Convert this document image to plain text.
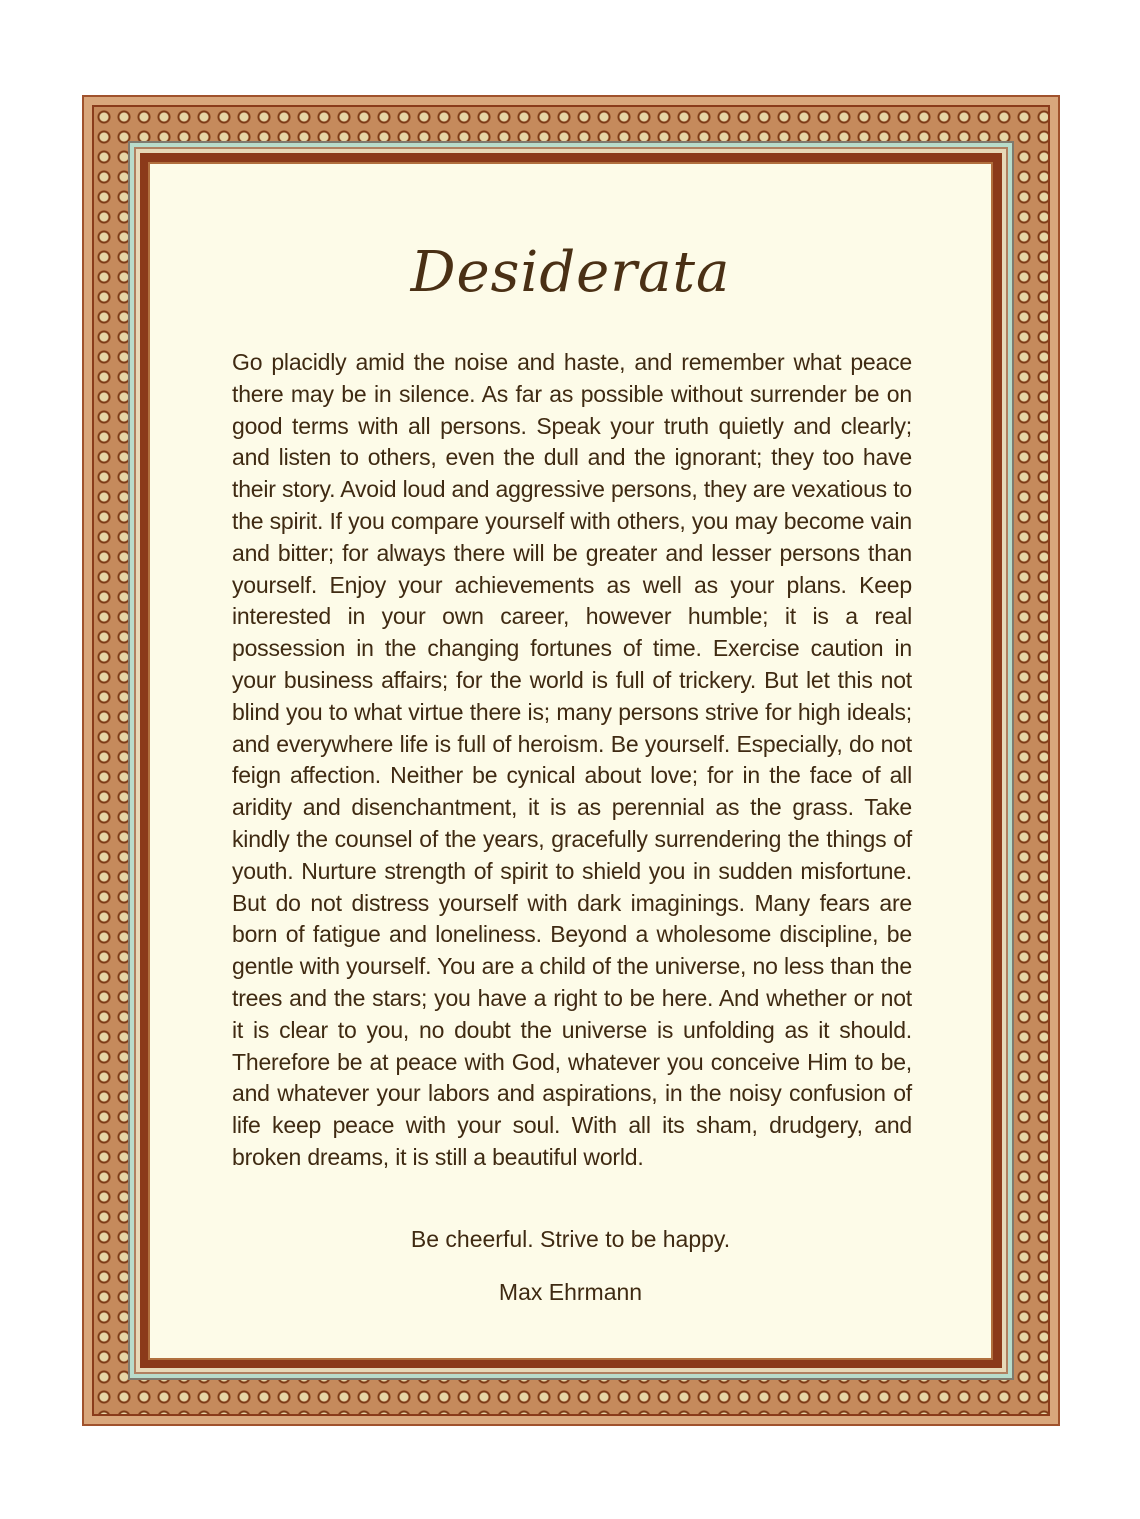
Desiderata

Go placidly amid the noise and haste, and remember what peace there may be in silence. As far as possible without surrender be on good terms with all persons. Speak your truth quietly and clearly; and listen to others, even the dull and the ignorant; they too have their story. Avoid loud and aggressive persons, they are vexatious to the spirit. If you compare yourself with others, you may become vain and bitter; for always there will be greater and lesser persons than yourself. Enjoy your achievements as well as your plans. Keep interested in your own career, however humble; it is a real possession in the changing fortunes of time. Exercise caution in your business affairs; for the world is full of trickery. But let this not blind you to what virtue there is; many persons strive for high ideals; and everywhere life is full of heroism. Be yourself. Especially, do not feign affection. Neither be cynical about love; for in the face of all aridity and disenchantment, it is as perennial as the grass. Take kindly the counsel of the years, gracefully surrendering the things of youth. Nurture strength of spirit to shield you in sudden misfortune. But do not distress yourself with dark imaginings. Many fears are born of fatigue and loneliness. Beyond a wholesome discipline, be gentle with yourself. You are a child of the universe, no less than the trees and the stars; you have a right to be here. And whether or not it is clear to you, no doubt the universe is unfolding as it should. Therefore be at peace with God, whatever you conceive Him to be, and whatever your labors and aspirations, in the noisy confusion of life keep peace with your soul. With all its sham, drudgery, and broken dreams, it is still a beautiful world.

Be cheerful. Strive to be happy.
Max Ehrmann
